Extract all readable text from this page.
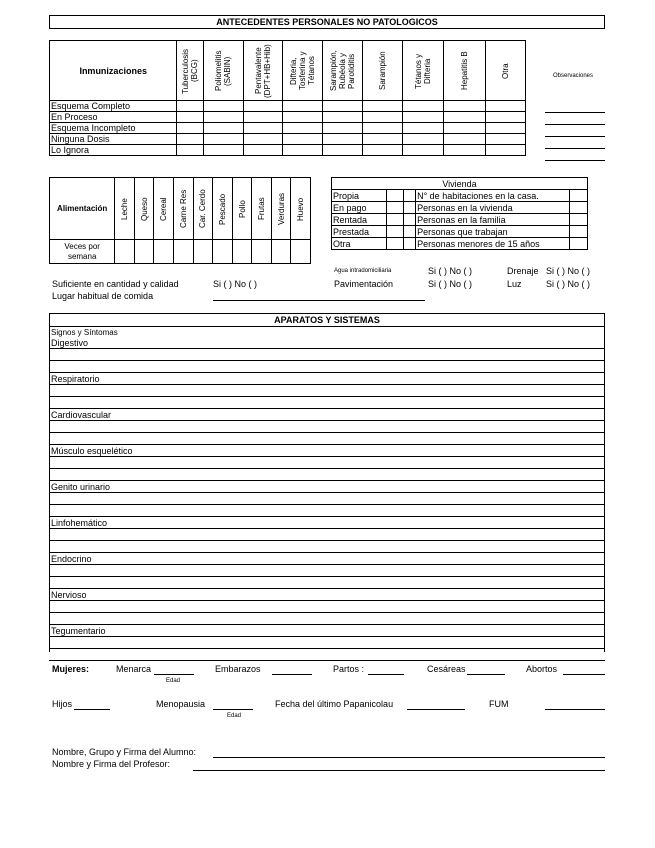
ANTECEDENTES PERSONALES NO PATOLOGICOS
Inmunizaciones	Tuberculosis (BCG)	Poliomelitis (SABIN)	Pentavalente (DPT+HB+Hib)	Difteria, Tosferina y Tétanos	Sarampión, Rubéola y Parotiditis	Sarampión	Tétanos y Difteria	Hepatitis B	Otra

Esquema Completo									
En Proceso									
Esquema Incompleto									
Ninguna Dosis									
Lo Ignora									
Observaciones
Alimentación	Leche	Queso	Cereal	Carne Res	Car. Cerdo	Pescado	Pollo	Frutas	Verduras	Huevo

Veces por semana										
Vivienda				
Propia			N° de habitaciones en la casa.	
En pago			Personas en la vivienda	
Rentada			Personas en la familia	
Prestada			Personas que trabajan	
Otra			Personas menores de 15 años	
Agua intradomiciliaria	Si ( ) No ( )	Drenaje Si ( ) No ( )
Pavimentación	Si ( ) No ( )	Luz	Si ( ) No ( )
Suficiente en cantidad y calidad	Si ( ) No ( )
Lugar habitual de comida
APARATOS Y SISTEMAS
Signos y Síntomas
Digestivo
Respiratorio
Cardiovascular
Músculo esquelético
Genito urinario
Linfohemático
Endocrino
Nervioso
Tegumentario
Mujeres:	Menarca
Edad
Embarazos	Partos :	Cesáreas	Abortos
Hijos	Menopausia
Edad
Fecha del último Papanicolau	FUM
Nombre, Grupo y Firma del Alumno:
Nombre y Firma del Profesor:
